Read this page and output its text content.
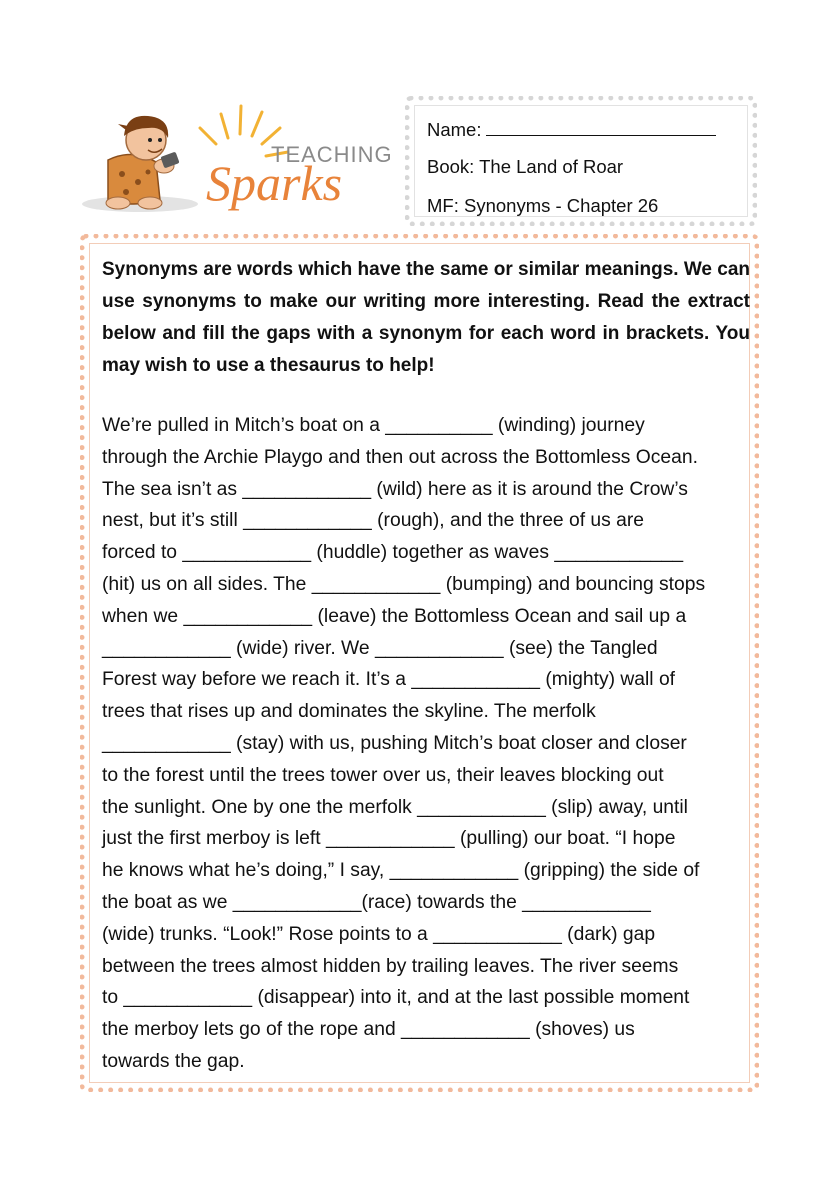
TEACHING
Sparks
Name:
Book: The Land of Roar
MF: Synonyms - Chapter 26
Synonyms are words which have the same or similar meanings. We can use synonyms to make our writing more interesting. Read the extract below and fill the gaps with a synonym for each word in brackets. You may wish to use a thesaurus to help!
We’re pulled in Mitch’s boat on a __________ (winding) journey
through the Archie Playgo and then out across the Bottomless Ocean.
The sea isn’t as ____________ (wild) here as it is around the Crow’s
nest, but it’s still ____________ (rough), and the three of us are
forced to ____________ (huddle) together as waves ____________
(hit) us on all sides. The ____________ (bumping) and bouncing stops
when we ____________ (leave) the Bottomless Ocean and sail up a
____________ (wide) river. We ____________ (see) the Tangled
Forest way before we reach it. It’s a ____________ (mighty) wall of
trees that rises up and dominates the skyline. The merfolk
____________ (stay) with us, pushing Mitch’s boat closer and closer
to the forest until the trees tower over us, their leaves blocking out
the sunlight. One by one the merfolk ____________ (slip) away, until
just the first merboy is left ____________ (pulling) our boat. “I hope
he knows what he’s doing,” I say, ____________ (gripping) the side of
the boat as we ____________(race) towards the ____________
(wide) trunks. “Look!” Rose points to a ____________ (dark) gap
between the trees almost hidden by trailing leaves. The river seems
to ____________ (disappear) into it, and at the last possible moment
the merboy lets go of the rope and ____________ (shoves) us
towards the gap.
